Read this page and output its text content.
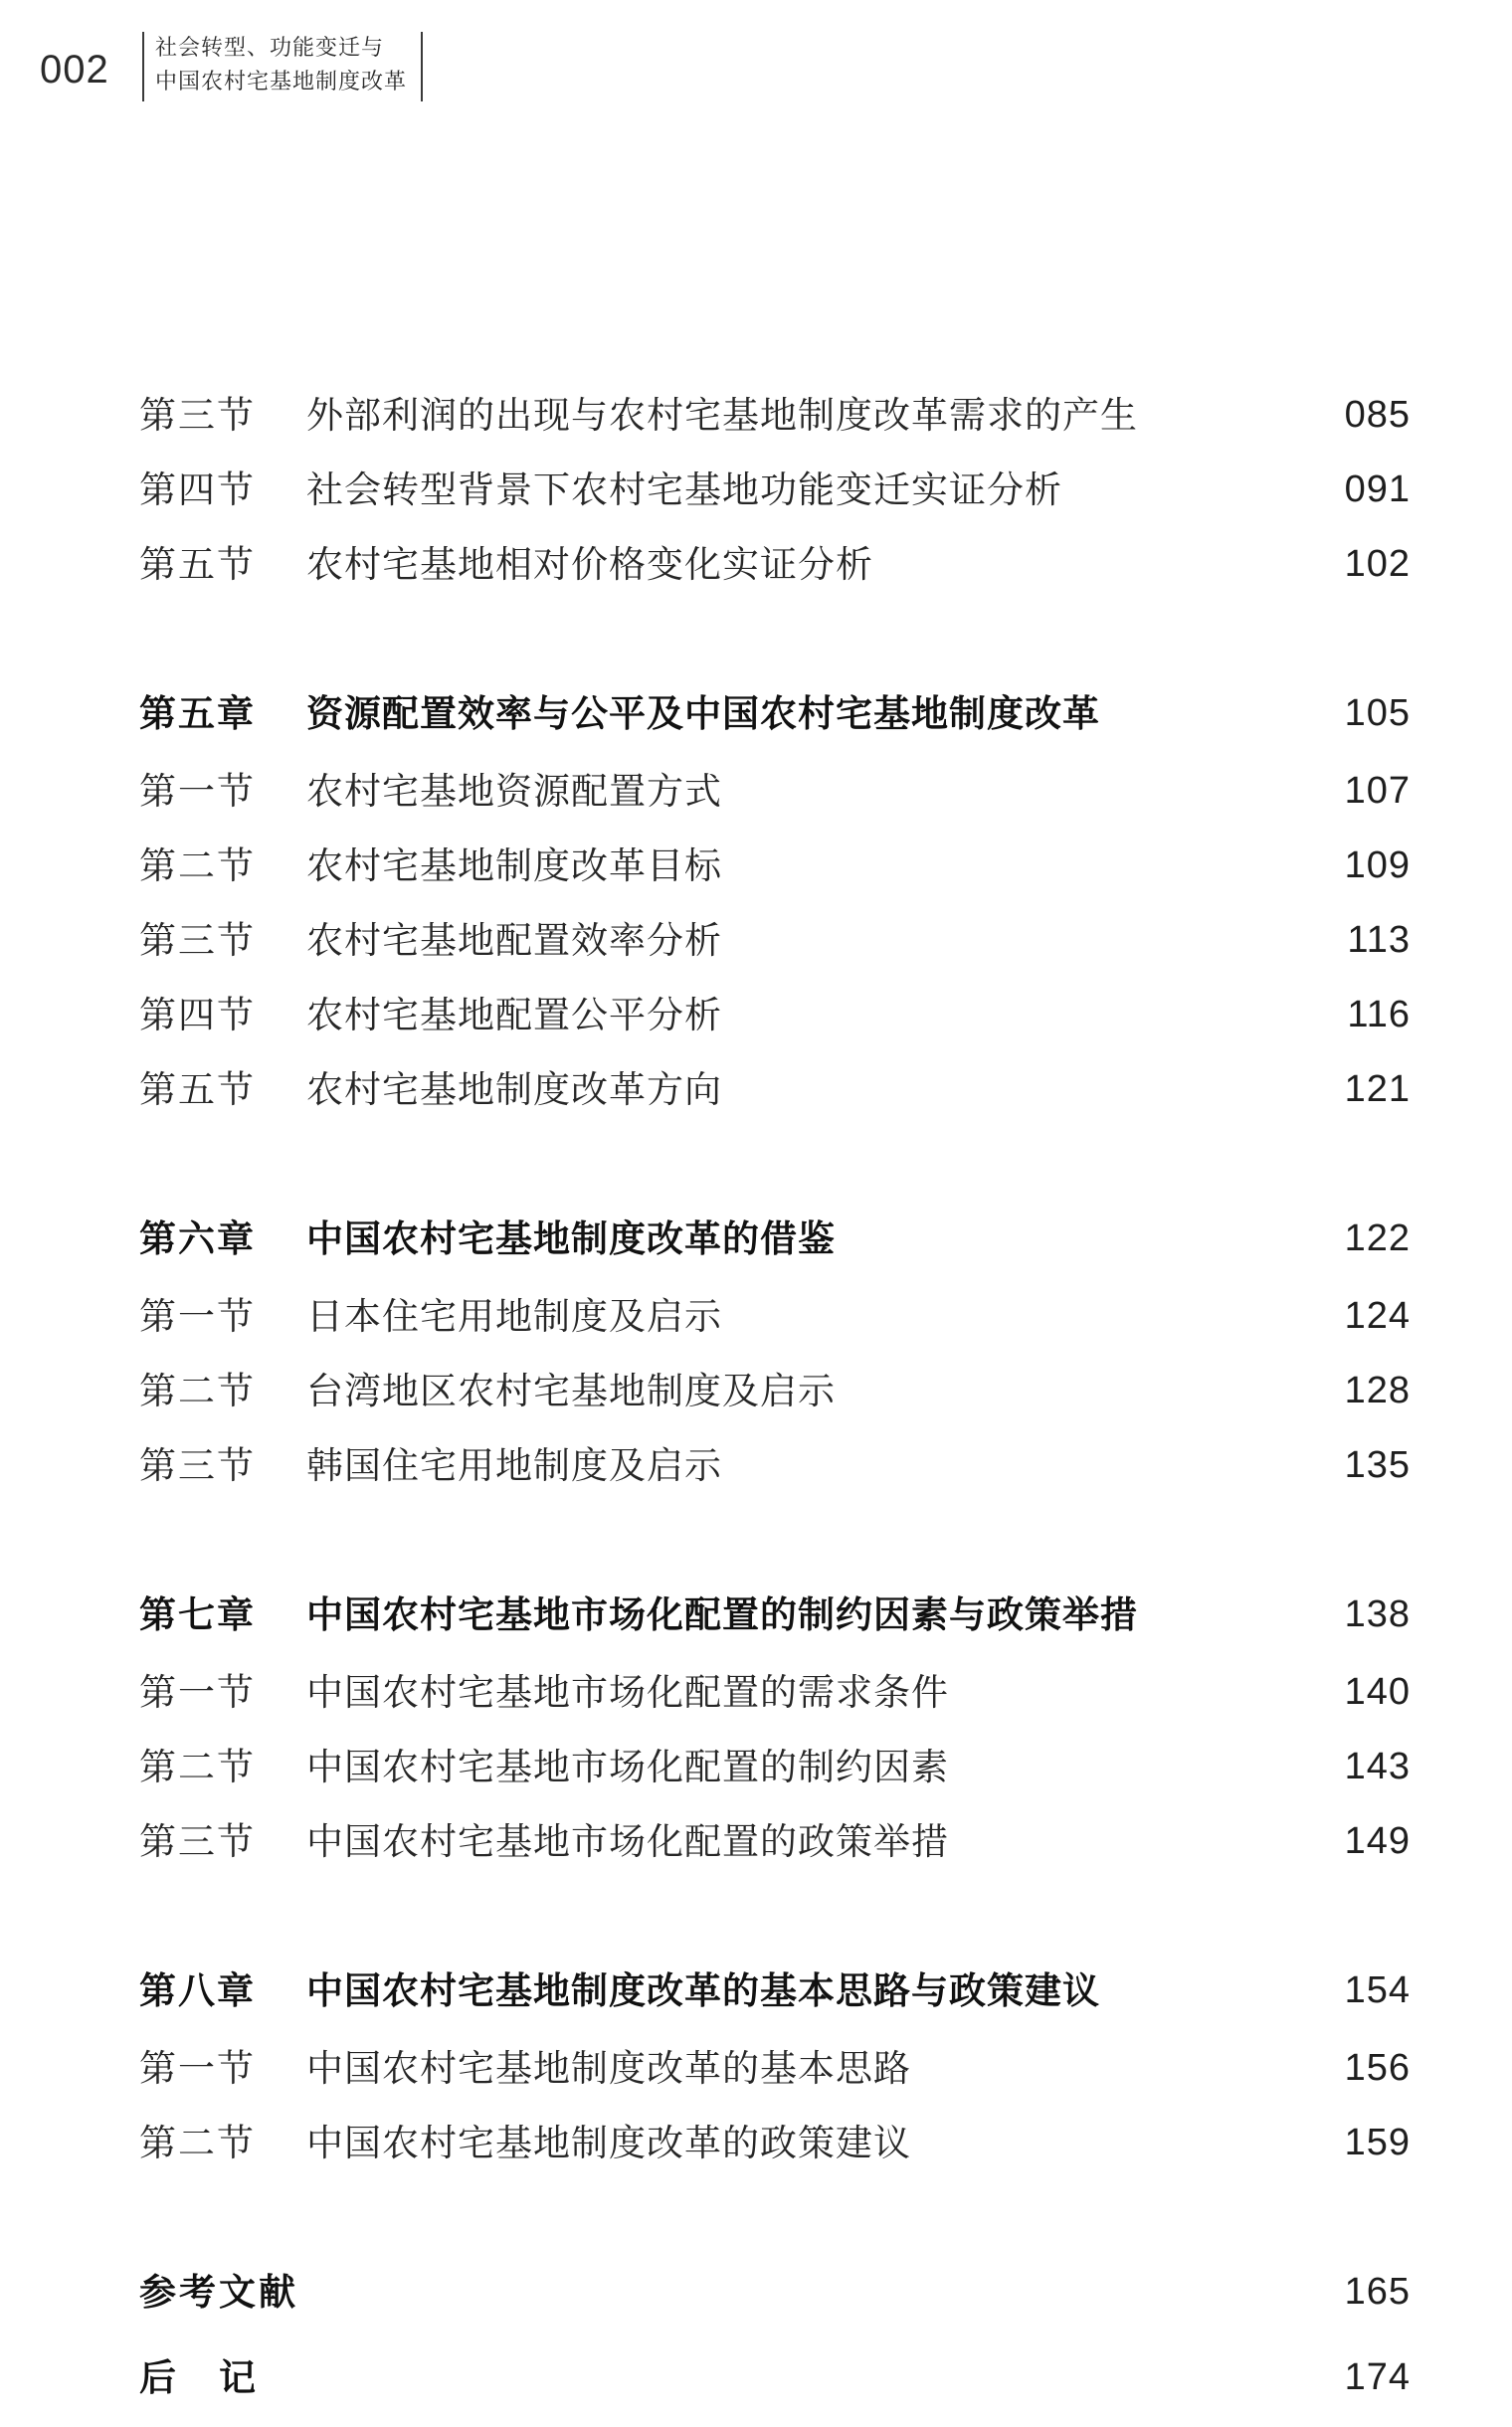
002 社会转型、功能变迁与
中国农村宅基地制度改革
第三节 外部利润的出现与农村宅基地制度改革需求的产生	085
第四节 社会转型背景下农村宅基地功能变迁实证分析	091
第五节 农村宅基地相对价格变化实证分析	102
第五章 资源配置效率与公平及中国农村宅基地制度改革	105
第一节 农村宅基地资源配置方式	107
第二节 农村宅基地制度改革目标	109
第三节 农村宅基地配置效率分析	113
第四节 农村宅基地配置公平分析	116
第五节 农村宅基地制度改革方向	121
第六章 中国农村宅基地制度改革的借鉴	122
第一节 日本住宅用地制度及启示	124
第二节 台湾地区农村宅基地制度及启示	128
第三节 韩国住宅用地制度及启示	135
第七章 中国农村宅基地市场化配置的制约因素与政策举措	138
第一节 中国农村宅基地市场化配置的需求条件	140
第二节 中国农村宅基地市场化配置的制约因素	143
第三节 中国农村宅基地市场化配置的政策举措	149
第八章 中国农村宅基地制度改革的基本思路与政策建议	154
第一节 中国农村宅基地制度改革的基本思路	156
第二节 中国农村宅基地制度改革的政策建议	159
参考文献	165
后　记	174
